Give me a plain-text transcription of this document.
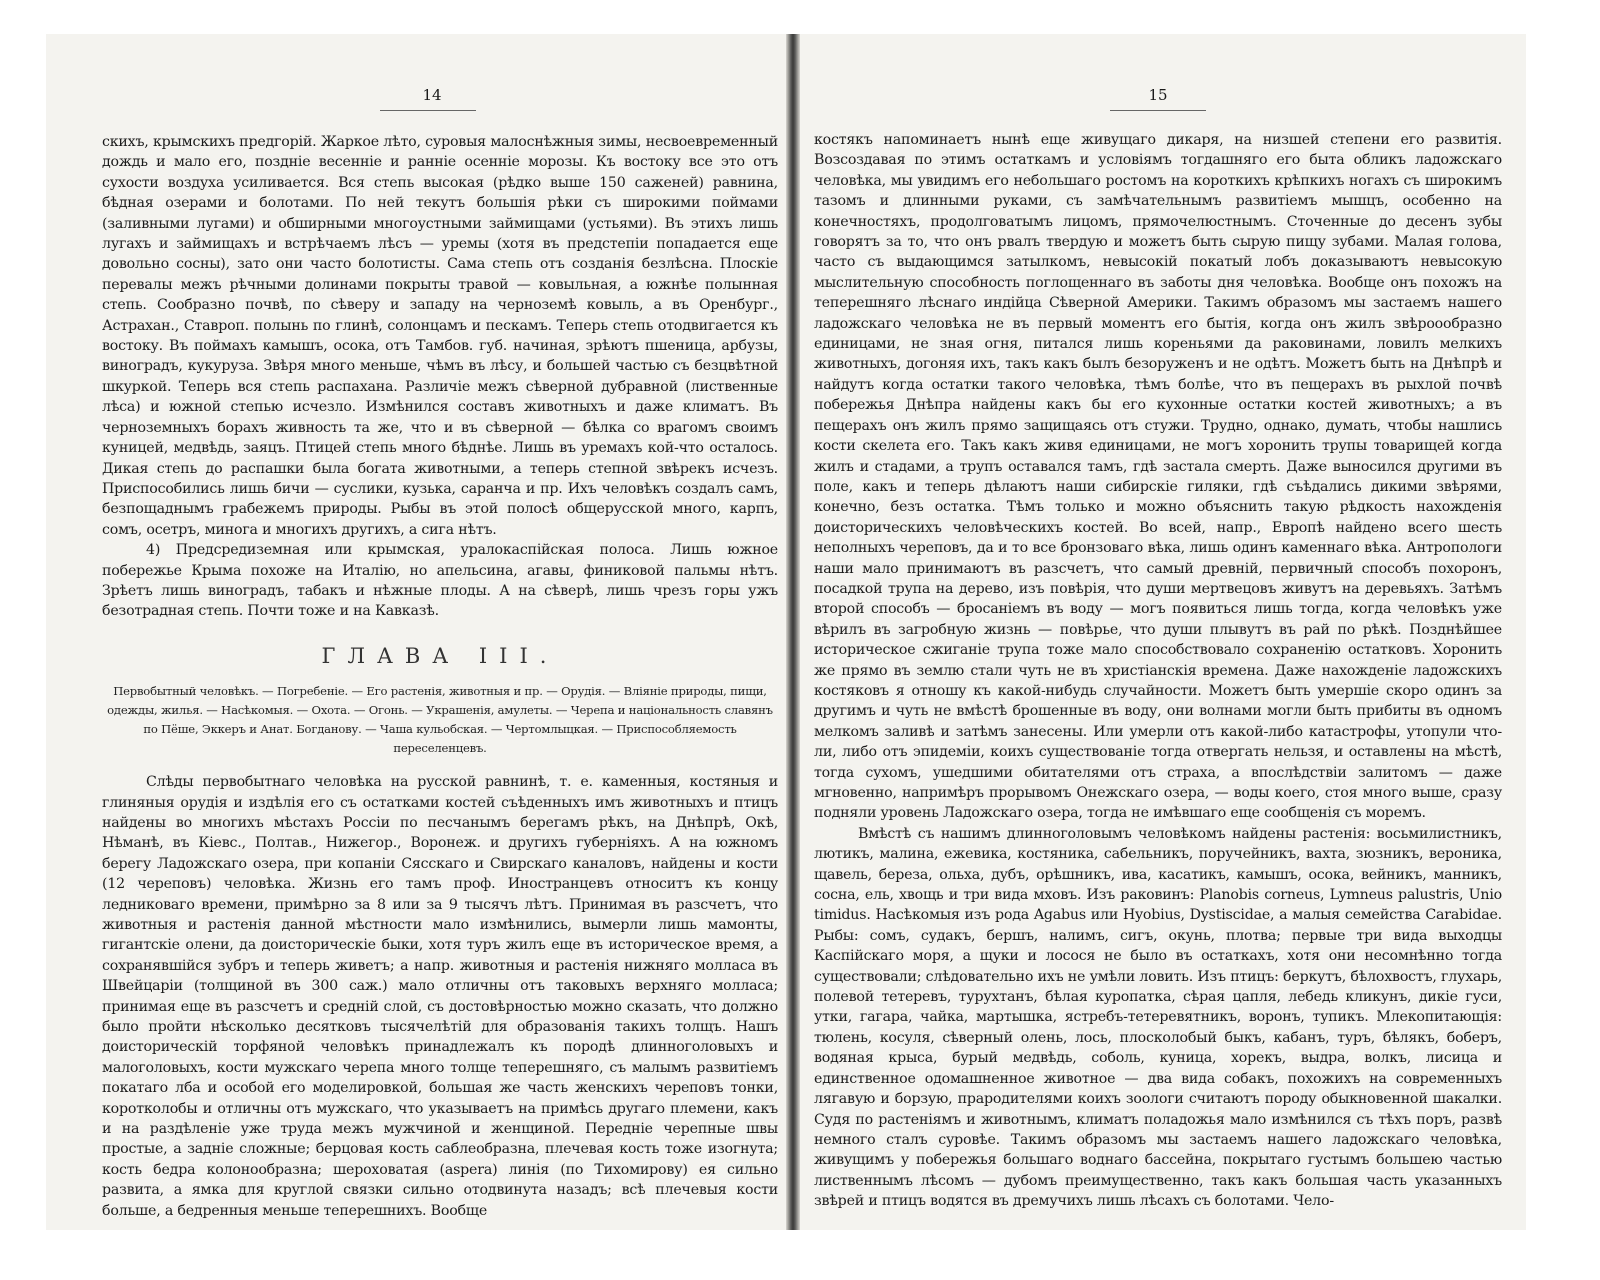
14

скихъ, крымскихъ предгорій. Жаркое лѣто, суровыя малоснѣжныя зимы, несвоевременный дождь и мало его, поздніе весенніе и ранніе осенніе морозы. Къ востоку все это отъ сухости воздуха усиливается. Вся степь высокая (рѣдко выше 150 саженей) равнина, бѣдная озерами и болотами. По ней текутъ большія рѣки съ широкими поймами (заливными лугами) и обширными многоустными займищами (устьями). Въ этихъ лишь лугахъ и займищахъ и встрѣчаемъ лѣсъ — уремы (хотя въ предстепіи попадается еще довольно сосны), зато они часто болотисты. Сама степь отъ созданія безлѣсна. Плоскіе перевалы межъ рѣчными долинами покрыты травой — ковыльная, а южнѣе полынная степь. Сообразно почвѣ, по сѣверу и западу на черноземѣ ковыль, а въ Оренбург., Астрахан., Ставроп. полынь по глинѣ, солонцамъ и пескамъ. Теперь степь отодвигается къ востоку. Въ поймахъ камышъ, осока, отъ Тамбов. губ. начиная, зрѣютъ пшеница, арбузы, виноградъ, кукуруза. Звѣря много меньше, чѣмъ въ лѣсу, и большей частью съ безцвѣтной шкуркой. Теперь вся степь распахана. Различіе межъ сѣверной дубравной (лиственные лѣса) и южной степью исчезло. Измѣнился составъ животныхъ и даже климатъ. Въ черноземныхъ борахъ живность та же, что и въ сѣверной — бѣлка со врагомъ своимъ куницей, медвѣдь, заяцъ. Птицей степь много бѣднѣе. Лишь въ уремахъ кой-что осталось. Дикая степь до распашки была богата животными, а теперь степной звѣрекъ исчезъ. Приспособились лишь бичи — суслики, кузька, саранча и пр. Ихъ человѣкъ создалъ самъ, безпощаднымъ грабежемъ природы. Рыбы въ этой полосѣ общерусской много, карпъ, сомъ, осетръ, минога и многихъ другихъ, а сига нѣтъ.

4) Предсредиземная или крымская, уралокаспійская полоса. Лишь южное побережье Крыма похоже на Италію, но апельсина, агавы, финиковой пальмы нѣтъ. Зрѣетъ лишь виноградъ, табакъ и нѣжные плоды. А на сѣверѣ, лишь чрезъ горы ужъ безотрадная степь. Почти тоже и на Кавказѣ.

ГЛАВА III.
Первобытный человѣкъ. — Погребеніе. — Его растенія, животныя и пр. — Орудія. — Вліяніе природы, пищи, одежды, жилья. — Насѣкомыя. — Охота. — Огонь. — Украшенія, амулеты. — Черепа и національность славянъ по Пёше, Эккеръ и Анат. Богданову. — Чаша кульобская. — Чертомлыцкая. — Приспособляемость переселенцевъ.

Слѣды первобытнаго человѣка на русской равнинѣ, т. е. каменныя, костяныя и глиняныя орудія и издѣлія его съ остатками костей съѣденныхъ имъ животныхъ и птицъ найдены во многихъ мѣстахъ Россіи по песчанымъ берегамъ рѣкъ, на Днѣпрѣ, Окѣ, Нѣманѣ, въ Кіевс., Полтав., Нижегор., Воронеж. и другихъ губерніяхъ. А на южномъ берегу Ладожскаго озера, при копаніи Сясскаго и Свирскаго каналовъ, найдены и кости (12 череповъ) человѣка. Жизнь его тамъ проф. Иностранцевъ относитъ къ концу ледниковаго времени, примѣрно за 8 или за 9 тысячъ лѣтъ. Принимая въ разсчетъ, что животныя и растенія данной мѣстности мало измѣнились, вымерли лишь мамонты, гигантскіе олени, да доисторическіе быки, хотя туръ жилъ еще въ историческое время, а сохранявшійся зубръ и теперь живетъ; а напр. животныя и растенія нижняго молласа въ Швейцаріи (толщиной въ 300 саж.) мало отличны отъ таковыхъ верхняго молласа; принимая еще въ разсчетъ и средній слой, съ достовѣрностью можно сказать, что должно было пройти нѣсколько десятковъ тысячелѣтій для образованія такихъ толщъ. Нашъ доисторическій торфяной человѣкъ принадлежалъ къ породѣ длинноголовыхъ и малоголовыхъ, кости мужскаго черепа много толще теперешняго, съ малымъ развитіемъ покатаго лба и особой его моделировкой, большая же часть женскихъ череповъ тонки, коротколобы и отличны отъ мужскаго, что указываетъ на примѣсь другаго племени, какъ и на раздѣленіе уже труда межъ мужчиной и женщиной. Передніе черепные швы простые, а задніе сложные; берцовая кость саблеобразна, плечевая кость тоже изогнута; кость бедра колонообразна; шероховатая (aspera) линія (по Тихомирову) ея сильно развита, а ямка для круглой связки сильно отодвинута назадъ; всѣ плечевыя кости больше, а бедренныя меньше теперешнихъ. Вообще

15

костякъ напоминаетъ нынѣ еще живущаго дикаря, на низшей степени его развитія. Возсоздавая по этимъ остаткамъ и условіямъ тогдашняго его быта обликъ ладожскаго человѣка, мы увидимъ его небольшаго ростомъ на короткихъ крѣпкихъ ногахъ съ широкимъ тазомъ и длинными руками, съ замѣчательнымъ развитіемъ мышцъ, особенно на конечностяхъ, продолговатымъ лицомъ, прямочелюстнымъ. Сточенные до десенъ зубы говорятъ за то, что онъ рвалъ твердую и можетъ быть сырую пищу зубами. Малая голова, часто съ выдающимся затылкомъ, невысокій покатый лобъ доказываютъ невысокую мыслительную способность поглощеннаго въ заботы дня человѣка. Вообще онъ похожъ на теперешняго лѣснаго индійца Сѣверной Америки. Такимъ образомъ мы застаемъ нашего ладожскаго человѣка не въ первый моментъ его бытія, когда онъ жилъ звѣроообразно единицами, не зная огня, питался лишь кореньями да раковинами, ловилъ мелкихъ животныхъ, догоняя ихъ, такъ какъ былъ безоруженъ и не одѣтъ. Можетъ быть на Днѣпрѣ и найдутъ когда остатки такого человѣка, тѣмъ болѣе, что въ пещерахъ въ рыхлой почвѣ побережья Днѣпра найдены какъ бы его кухонные остатки костей животныхъ; а въ пещерахъ онъ жилъ прямо защищаясь отъ стужи. Трудно, однако, думать, чтобы нашлись кости скелета его. Такъ какъ живя единицами, не могъ хоронить трупы товарищей когда жилъ и стадами, а трупъ оставался тамъ, гдѣ застала смерть. Даже выносился другими въ поле, какъ и теперь дѣлаютъ наши сибирскіе гиляки, гдѣ съѣдались дикими звѣрями, конечно, безъ остатка. Тѣмъ только и можно объяснить такую рѣдкость нахожденія доисторическихъ человѣческихъ костей. Во всей, напр., Европѣ найдено всего шесть неполныхъ череповъ, да и то все бронзоваго вѣка, лишь одинъ каменнаго вѣка. Антропологи наши мало принимаютъ въ разсчетъ, что самый древній, первичный способъ похоронъ, посадкой трупа на дерево, изъ повѣрія, что души мертвецовъ живутъ на деревьяхъ. Затѣмъ второй способъ — бросаніемъ въ воду — могъ появиться лишь тогда, когда человѣкъ уже вѣрилъ въ загробную жизнь — повѣрье, что души плывутъ въ рай по рѣкѣ. Позднѣйшее историческое сжиганіе трупа тоже мало способствовало сохраненію остатковъ. Хоронить же прямо въ землю стали чуть не въ христіанскія времена. Даже нахожденіе ладожскихъ костяковъ я отношу къ какой-нибудь случайности. Можетъ быть умершіе скоро одинъ за другимъ и чуть не вмѣстѣ брошенные въ воду, они волнами могли быть прибиты въ одномъ мелкомъ заливѣ и затѣмъ занесены. Или умерли отъ какой-либо катастрофы, утопули что-ли, либо отъ эпидеміи, коихъ существованіе тогда отвергать нельзя, и оставлены на мѣстѣ, тогда сухомъ, ушедшими обитателями отъ страха, а впослѣдствіи залитомъ — даже мгновенно, напримѣръ прорывомъ Онежскаго озера, — воды коего, стоя много выше, сразу подняли уровень Ладожскаго озера, тогда не имѣвшаго еще сообщенія съ моремъ.

Вмѣстѣ съ нашимъ длинноголовымъ человѣкомъ найдены растенія: восьмилистникъ, лютикъ, малина, ежевика, костяника, сабельникъ, поручейникъ, вахта, зюзникъ, вероника, щавель, береза, ольха, дубъ, орѣшникъ, ива, касатикъ, камышъ, осока, вейникъ, манникъ, сосна, ель, хвощь и три вида мховъ. Изъ раковинъ: Planobis corneus, Lymneus palustris, Unio timidus. Насѣкомыя изъ рода Agabus или Hyobius, Dystiscidae, а малыя семейства Carabidae. Рыбы: сомъ, судакъ, бершъ, налимъ, сигъ, окунь, плотва; первые три вида выходцы Каспійскаго моря, а щуки и лосося не было въ остаткахъ, хотя они несомнѣнно тогда существовали; слѣдовательно ихъ не умѣли ловить. Изъ птицъ: беркутъ, бѣлохвостъ, глухарь, полевой тетеревъ, турухтанъ, бѣлая куропатка, сѣрая цапля, лебедь кликунъ, дикіе гуси, утки, гагара, чайка, мартышка, ястребъ-тетеревятникъ, воронъ, тупикъ. Млекопитающія: тюлень, косуля, сѣверный олень, лось, плосколобый быкъ, кабанъ, туръ, бѣлякъ, боберъ, водяная крыса, бурый медвѣдь, соболь, куница, хорекъ, выдра, волкъ, лисица и единственное одомашненное животное — два вида собакъ, похожихъ на современныхъ лягавую и борзую, прародителями коихъ зоологи считаютъ породу обыкновенной шакалки. Судя по растеніямъ и животнымъ, климатъ поладожья мало измѣнился съ тѣхъ поръ, развѣ немного сталъ суровѣе. Такимъ образомъ мы застаемъ нашего ладожскаго человѣка, живущимъ у побережья большаго воднаго бассейна, покрытаго густымъ большею частью лиственнымъ лѣсомъ — дубомъ преимущественно, такъ какъ большая часть указанныхъ звѣрей и птицъ водятся въ дремучихъ лишь лѣсахъ съ болотами. Чело-
